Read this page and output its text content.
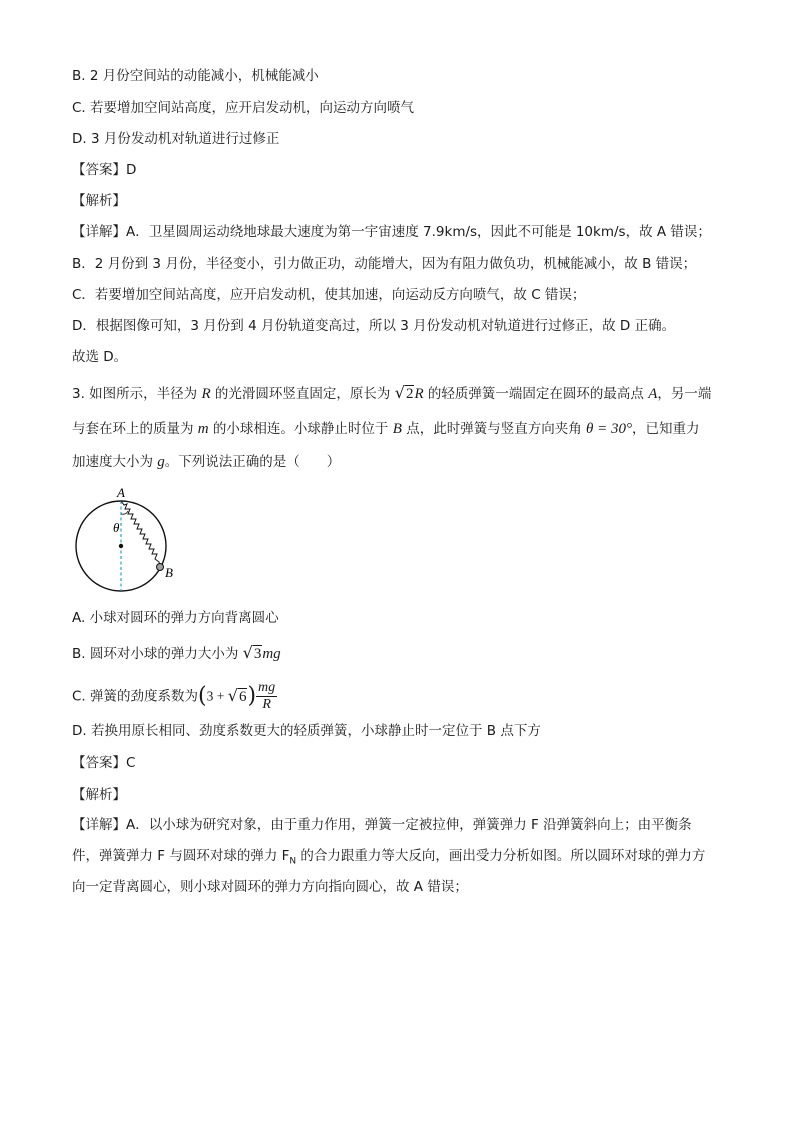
B. 2 月份空间站的动能减小，机械能减小
C. 若要增加空间站高度，应开启发动机，向运动方向喷气
D. 3 月份发动机对轨道进行过修正
【答案】D
【解析】
【详解】A．卫星圆周运动绕地球最大速度为第一宇宙速度 7.9km/s，因此不可能是 10km/s，故 A 错误；
B．2 月份到 3 月份，半径变小，引力做正功，动能增大，因为有阻力做负功，机械能减小，故 B 错误；
C．若要增加空间站高度，应开启发动机，使其加速，向运动反方向喷气，故 C 错误；
D．根据图像可知，3 月份到 4 月份轨道变高过，所以 3 月份发动机对轨道进行过修正，故 D 正确。
故选 D。
3. 如图所示，半径为 R 的光滑圆环竖直固定，原长为 √2R 的轻质弹簧一端固定在圆环的最高点 A，另一端
与套在环上的质量为 m 的小球相连。小球静止时位于 B 点，此时弹簧与竖直方向夹角 θ = 30°，已知重力
加速度大小为 g。下列说法正确的是（　　）
A
θ
B
A. 小球对圆环的弹力方向背离圆心
B. 圆环对小球的弹力大小为 √3mg
C. 弹簧的劲度系数为$(3 + √6) \frac{mg}{R}$
D. 若换用原长相同、劲度系数更大的轻质弹簧，小球静止时一定位于 B 点下方
【答案】C
【解析】
【详解】A．以小球为研究对象，由于重力作用，弹簧一定被拉伸，弹簧弹力 F 沿弹簧斜向上；由平衡条
件，弹簧弹力 F 与圆环对球的弹力 $F_N$ 的合力跟重力等大反向，画出受力分析如图。所以圆环对球的弹力方
向一定背离圆心，则小球对圆环的弹力方向指向圆心，故 A 错误；
